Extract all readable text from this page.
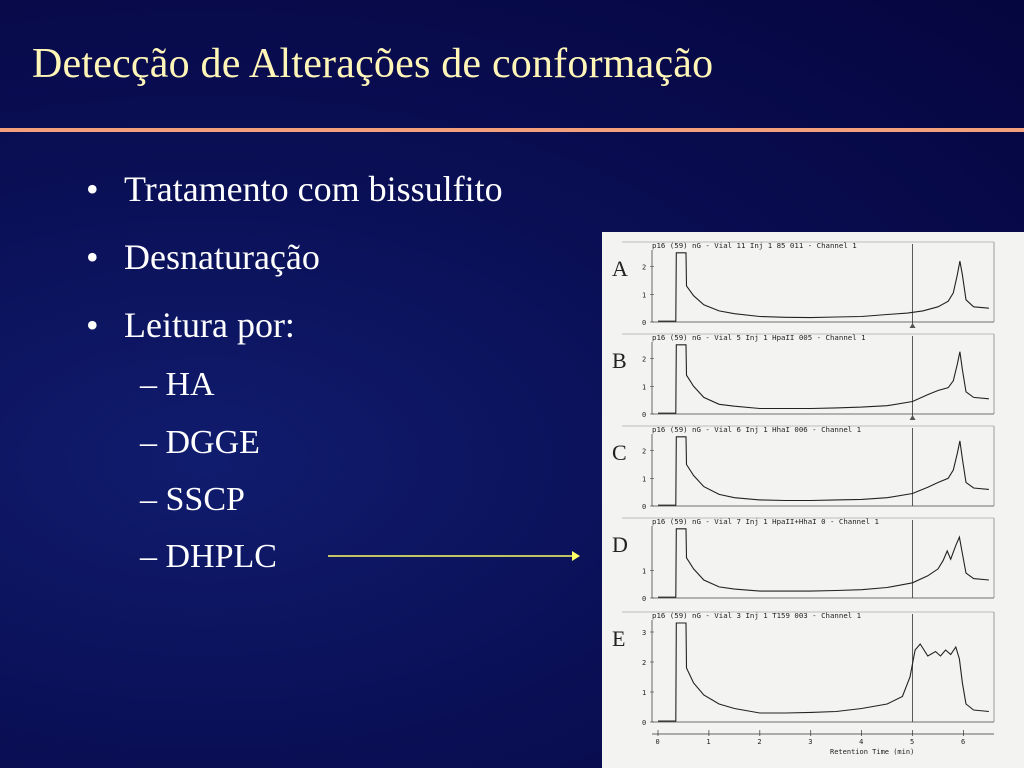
Detecção de Alterações de conformação
• Tratamento com bissulfito
• Desnaturação
• Leitura por:
– HA
– DGGE
– SSCP
– DHPLC
A
p16 (59) nG - Vial 11 Inj 1 85 011 - Channel 1
0
1
2
B
p16 (59) nG - Vial 5 Inj 1 HpaII 005 - Channel 1
0
1
2
C
p16 (59) nG - Vial 6 Inj 1 HhaI 006 - Channel 1
0
1
2
D
p16 (59) nG - Vial 7 Inj 1 HpaII+HhaI 0 - Channel 1
0
1
E
p16 (59) nG - Vial 3 Inj 1 T159 003 - Channel 1
0
1
2
3
0	1	2	3	4	5	6
Retention Time (min)
